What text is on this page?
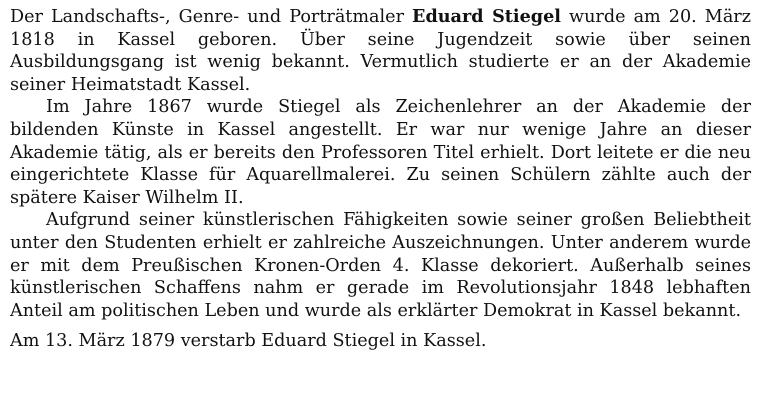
Der Landschafts-, Genre- und Porträtmaler Eduard Stiegel wurde am 20. März 1818 in Kassel geboren. Über seine Jugendzeit sowie über seinen Ausbildungsgang ist wenig bekannt. Vermutlich studierte er an der Akademie seiner Heimatstadt Kassel.

Im Jahre 1867 wurde Stiegel als Zeichenlehrer an der Akademie der bildenden Künste in Kassel angestellt. Er war nur wenige Jahre an dieser Akademie tätig, als er bereits den Professoren Titel erhielt. Dort leitete er die neu eingerichtete Klasse für Aquarellmalerei. Zu seinen Schülern zählte auch der spätere Kaiser Wilhelm II.

Aufgrund seiner künstlerischen Fähigkeiten sowie seiner großen Beliebtheit unter den Studenten erhielt er zahlreiche Auszeichnungen. Unter anderem wurde er mit dem Preußischen Kronen-Orden 4. Klasse dekoriert. Außerhalb seines künstlerischen Schaffens nahm er gerade im Revolutionsjahr 1848 lebhaften Anteil am politischen Leben und wurde als erklärter Demokrat in Kassel bekannt.

Am 13. März 1879 verstarb Eduard Stiegel in Kassel.
